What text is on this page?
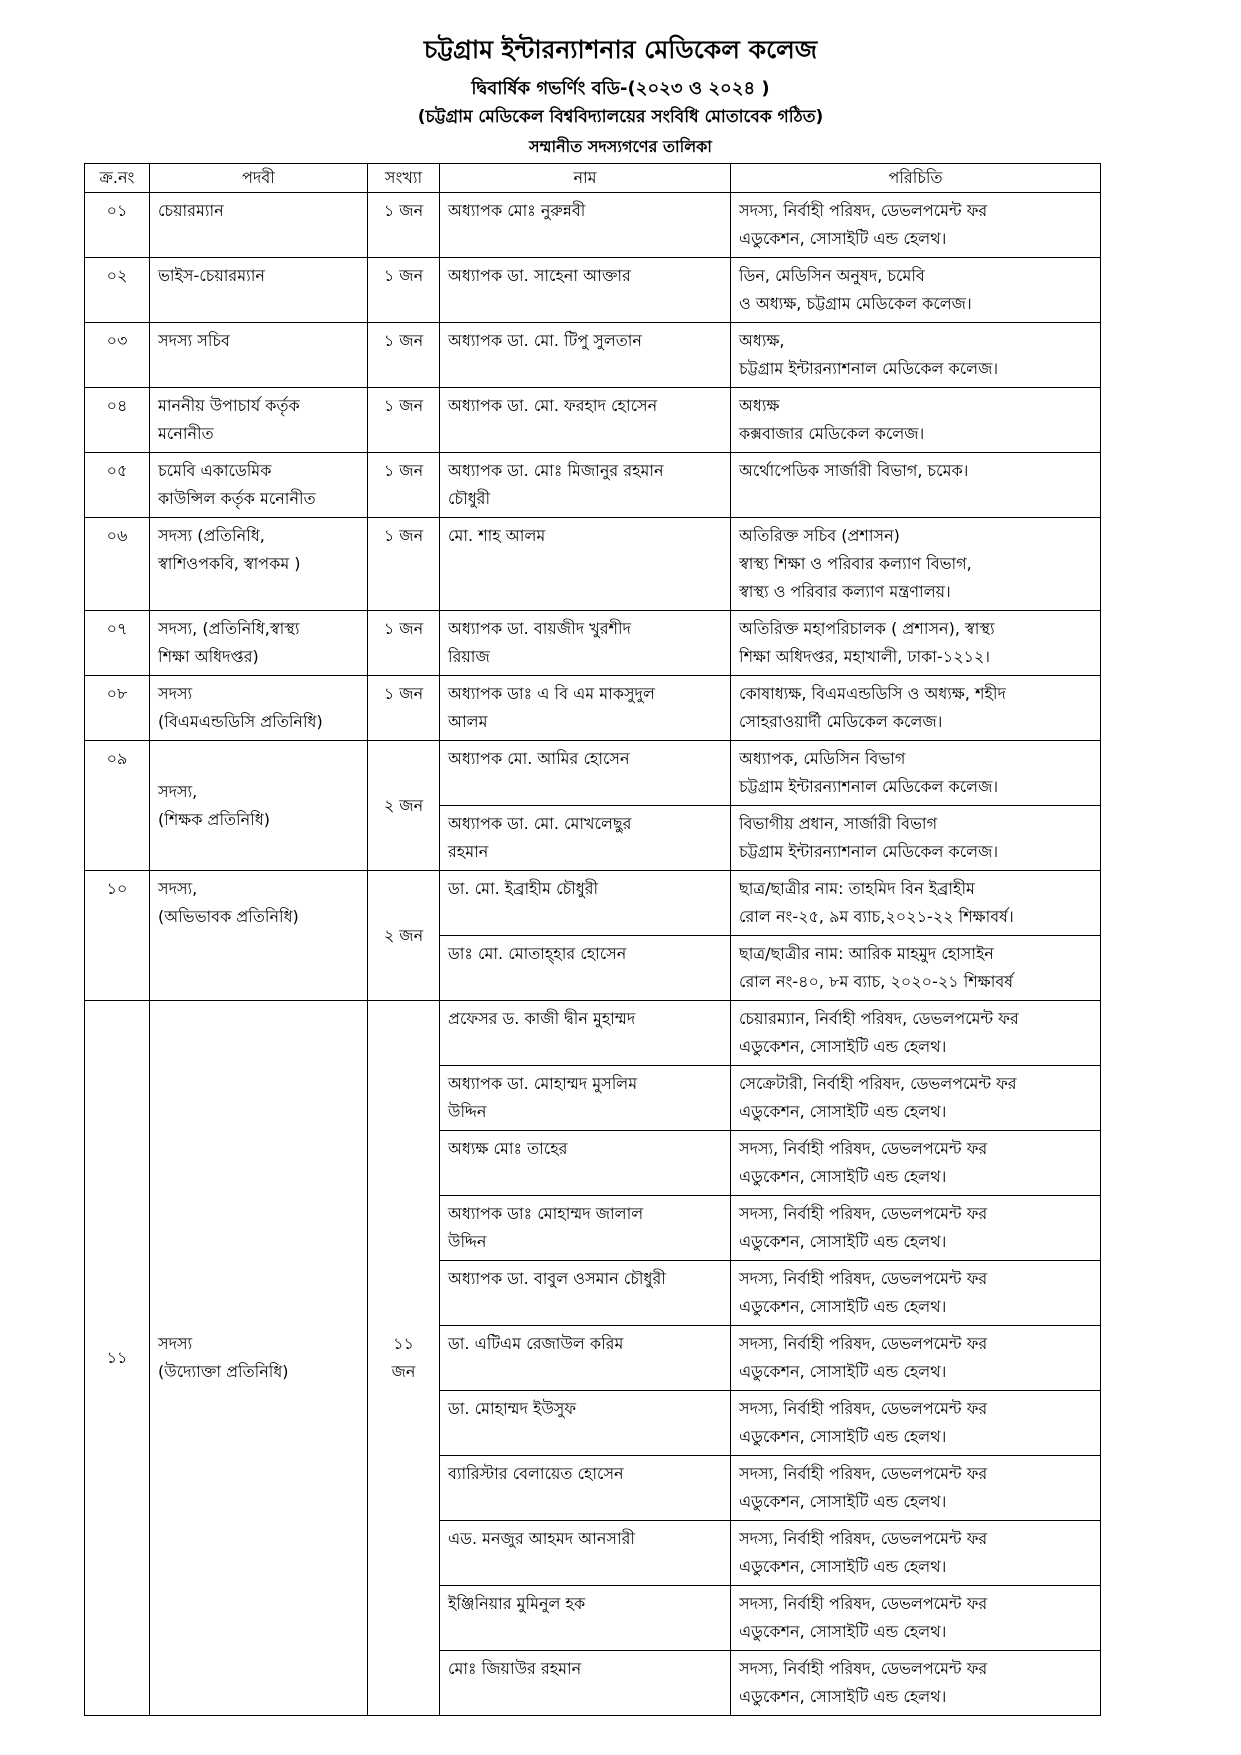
চট্টগ্রাম ইন্টারন্যাশনার মেডিকেল কলেজ
দ্বিবার্ষিক গভর্ণিং বডি-(২০২৩ ও ২০২৪ )
(চট্টগ্রাম মেডিকেল বিশ্ববিদ্যালয়ের সংবিধি মোতাবেক গঠিত)
সম্মানীত সদস্যগণের তালিকা
ক্র.নং	পদবী	সংখ্যা	নাম	পরিচিতি
০১	চেয়ারম্যান	১ জন	অধ্যাপক মোঃ নুরুন্নবী	সদস্য, নির্বাহী পরিষদ, ডেভলপমেন্ট ফর
এডুকেশন, সোসাইটি এন্ড হেলথ।

০২	ভাইস-চেয়ারম্যান	১ জন	অধ্যাপক ডা. সাহেনা আক্তার	ডিন, মেডিসিন অনুষদ, চমেবি
ও অধ্যক্ষ, চট্টগ্রাম মেডিকেল কলেজ।

০৩	সদস্য সচিব	১ জন	অধ্যাপক ডা. মো. টিপু সুলতান	অধ্যক্ষ,
চট্টগ্রাম ইন্টারন্যাশনাল মেডিকেল কলেজ।

০৪	মাননীয় উপাচার্য কর্তৃক
মনোনীত	১ জন	অধ্যাপক ডা. মো. ফরহাদ হোসেন	অধ্যক্ষ
কক্সবাজার মেডিকেল কলেজ।

০৫	চমেবি একাডেমিক
কাউন্সিল কর্তৃক মনোনীত	১ জন	অধ্যাপক ডা. মোঃ মিজানুর রহমান
চৌধুরী	অর্থোপেডিক সার্জারী বিভাগ, চমেক।

০৬	সদস্য (প্রতিনিধি,
স্বাশিওপকবি, স্বাপকম )	১ জন	মো. শাহ আলম	অতিরিক্ত সচিব (প্রশাসন)
স্বাস্থ্য শিক্ষা ও পরিবার কল্যাণ বিভাগ,
স্বাস্থ্য ও পরিবার কল্যাণ মন্ত্রণালয়।

০৭	সদস্য, (প্রতিনিধি,স্বাস্থ্য
শিক্ষা অধিদপ্তর)	১ জন	অধ্যাপক ডা. বায়জীদ খুরশীদ
রিয়াজ	অতিরিক্ত মহাপরিচালক ( প্রশাসন), স্বাস্থ্য
শিক্ষা অধিদপ্তর, মহাখালী, ঢাকা-১২১২।

০৮	সদস্য
(বিএমএন্ডডিসি প্রতিনিধি)	১ জন	অধ্যাপক ডাঃ এ বি এম মাকসুদুল
আলম	কোষাধ্যক্ষ, বিএমএন্ডডিসি ও অধ্যক্ষ, শহীদ
সোহরাওয়ার্দী মেডিকেল কলেজ।

০৯	সদস্য,
(শিক্ষক প্রতিনিধি)	২ জন	অধ্যাপক মো. আমির হোসেন	অধ্যাপক, মেডিসিন বিভাগ
চট্টগ্রাম ইন্টারন্যাশনাল মেডিকেল কলেজ।

			অধ্যাপক ডা. মো. মোখলেছুর
রহমান	বিভাগীয় প্রধান, সার্জারী বিভাগ
চট্টগ্রাম ইন্টারন্যাশনাল মেডিকেল কলেজ।

১০	সদস্য,
(অভিভাবক প্রতিনিধি)	২ জন	ডা. মো. ইব্রাহীম চৌধুরী	ছাত্র/ছাত্রীর নাম: তাহমিদ বিন ইব্রাহীম
রোল নং-২৫, ৯ম ব্যাচ,২০২১-২২ শিক্ষাবর্ষ।

			ডাঃ মো. মোতাহ্হার হোসেন	ছাত্র/ছাত্রীর নাম: আরিক মাহমুদ হোসাইন
রোল নং-৪০, ৮ম ব্যাচ, ২০২০-২১ শিক্ষাবর্ষ

১১	সদস্য
(উদ্যোক্তা প্রতিনিধি)	১১
জন	প্রফেসর ড. কাজী দ্বীন মুহাম্মদ	চেয়ারম্যান, নির্বাহী পরিষদ, ডেভলপমেন্ট ফর
এডুকেশন, সোসাইটি এন্ড হেলথ।

			অধ্যাপক ডা. মোহাম্মদ মুসলিম
উদ্দিন	সেক্রেটারী, নির্বাহী পরিষদ, ডেভলপমেন্ট ফর
এডুকেশন, সোসাইটি এন্ড হেলথ।

			অধ্যক্ষ মোঃ তাহের	সদস্য, নির্বাহী পরিষদ, ডেভলপমেন্ট ফর
এডুকেশন, সোসাইটি এন্ড হেলথ।

			অধ্যাপক ডাঃ মোহাম্মদ জালাল
উদ্দিন	সদস্য, নির্বাহী পরিষদ, ডেভলপমেন্ট ফর
এডুকেশন, সোসাইটি এন্ড হেলথ।

			অধ্যাপক ডা. বাবুল ওসমান চৌধুরী	সদস্য, নির্বাহী পরিষদ, ডেভলপমেন্ট ফর
এডুকেশন, সোসাইটি এন্ড হেলথ।

			ডা. এটিএম রেজাউল করিম	সদস্য, নির্বাহী পরিষদ, ডেভলপমেন্ট ফর
এডুকেশন, সোসাইটি এন্ড হেলথ।

			ডা. মোহাম্মদ ইউসুফ	সদস্য, নির্বাহী পরিষদ, ডেভলপমেন্ট ফর
এডুকেশন, সোসাইটি এন্ড হেলথ।

			ব্যারিস্টার বেলায়েত হোসেন	সদস্য, নির্বাহী পরিষদ, ডেভলপমেন্ট ফর
এডুকেশন, সোসাইটি এন্ড হেলথ।

			এড. মনজুর আহমদ আনসারী	সদস্য, নির্বাহী পরিষদ, ডেভলপমেন্ট ফর
এডুকেশন, সোসাইটি এন্ড হেলথ।

			ইঞ্জিনিয়ার মুমিনুল হক	সদস্য, নির্বাহী পরিষদ, ডেভলপমেন্ট ফর
এডুকেশন, সোসাইটি এন্ড হেলথ।

			মোঃ জিয়াউর রহমান	সদস্য, নির্বাহী পরিষদ, ডেভলপমেন্ট ফর
এডুকেশন, সোসাইটি এন্ড হেলথ।
